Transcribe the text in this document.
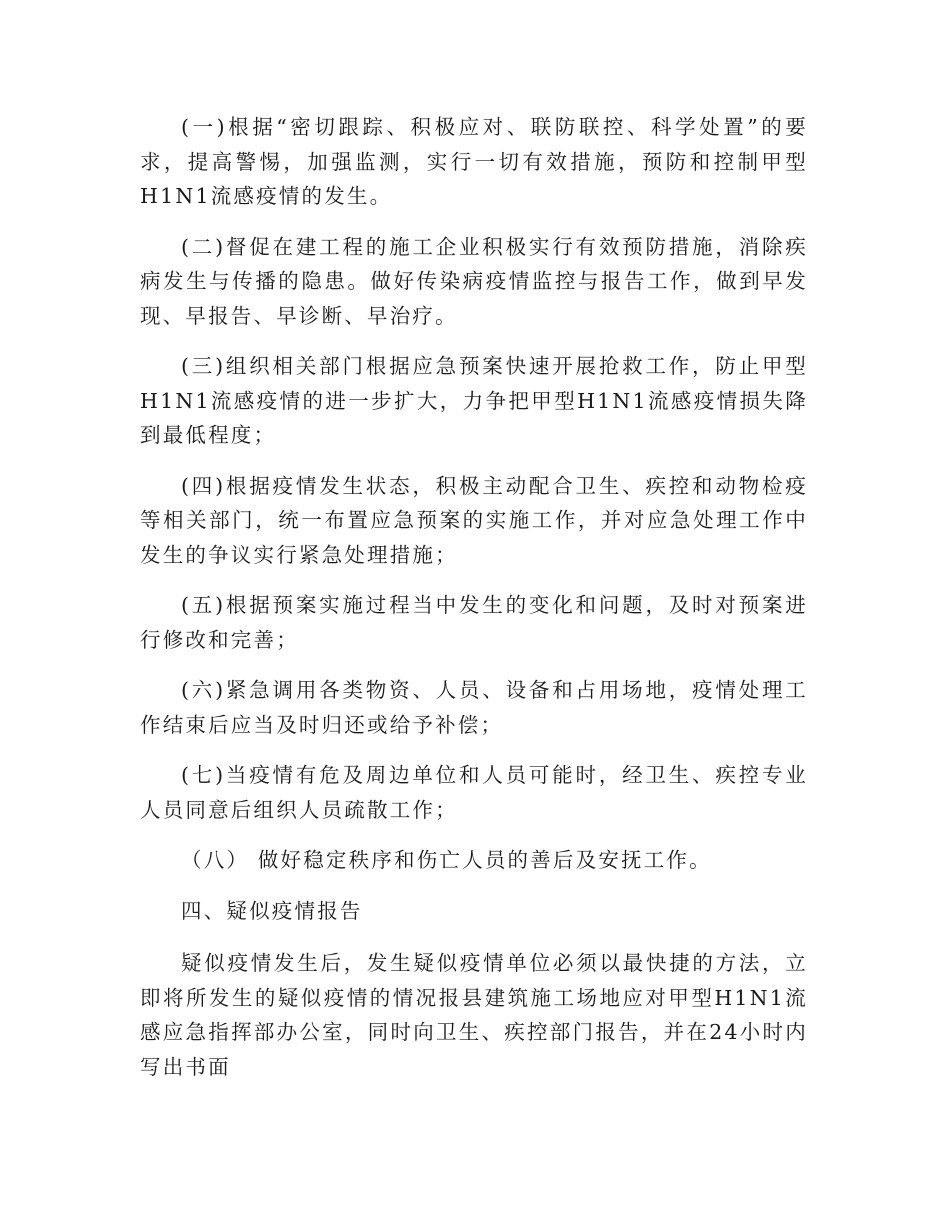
(一)根据“密切跟踪、积极应对、联防联控、科学处置”的要求，提高警惕，加强监测，实行一切有效措施，预防和控制甲型H1N1流感疫情的发生。

(二)督促在建工程的施工企业积极实行有效预防措施，消除疾病发生与传播的隐患。做好传染病疫情监控与报告工作，做到早发现、早报告、早诊断、早治疗。

(三)组织相关部门根据应急预案快速开展抢救工作，防止甲型H1N1流感疫情的进一步扩大，力争把甲型H1N1流感疫情损失降到最低程度；

(四)根据疫情发生状态，积极主动配合卫生、疾控和动物检疫等相关部门，统一布置应急预案的实施工作，并对应急处理工作中发生的争议实行紧急处理措施；

(五)根据预案实施过程当中发生的变化和问题，及时对预案进行修改和完善；

(六)紧急调用各类物资、人员、设备和占用场地，疫情处理工作结束后应当及时归还或给予补偿；

(七)当疫情有危及周边单位和人员可能时，经卫生、疾控专业人员同意后组织人员疏散工作；

（八） 做好稳定秩序和伤亡人员的善后及安抚工作。

四、疑似疫情报告

疑似疫情发生后，发生疑似疫情单位必须以最快捷的方法，立即将所发生的疑似疫情的情况报县建筑施工场地应对甲型H1N1流感应急指挥部办公室，同时向卫生、疾控部门报告，并在24小时内写出书面
